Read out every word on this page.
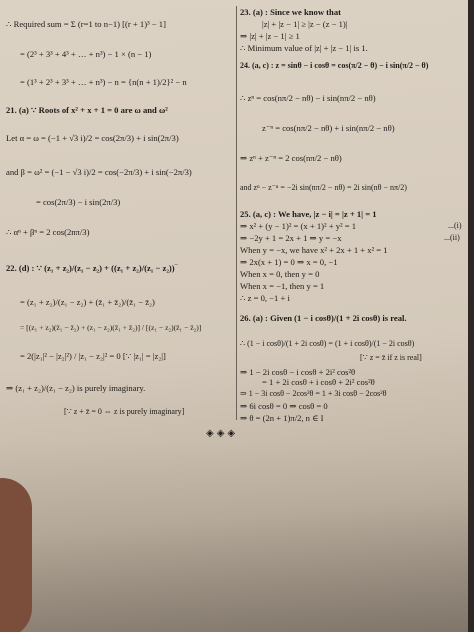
∴ Required sum = Σ (r=1 to n−1) [(r + 1)³ − 1]
= (2³ + 3³ + 4³ + … + n³) − 1 × (n − 1)
= (1³ + 2³ + 3³ + … + n³) − n = {n(n + 1)/2}² − n
21. (a) ∵ Roots of x² + x + 1 = 0 are ω and ω²
Let α = ω = (−1 + √3 i)/2 = cos(2π/3) + i sin(2π/3)
and β = ω² = (−1 − √3 i)/2 = cos(−2π/3) + i sin(−2π/3)
= cos(2π/3) − i sin(2π/3)
∴ αⁿ + βⁿ = 2 cos(2nπ/3)
22. (d) : ∵ (z₁ + z₂)/(z₁ − z₂) + ((z₁ + z₂)/(z₁ − z₂))‾
= (z₁ + z₂)/(z₁ − z₂) + (z̄₁ + z̄₂)/(z̄₁ − z̄₂)
= [(z₁ + z₂)(z̄₁ − z̄₂) + (z₁ − z₂)(z̄₁ + z̄₂)] / [(z₁ − z₂)(z̄₁ − z̄₂)]
= 2(|z₁|² − |z₂|²) / |z₁ − z₂|² = 0 [∵ |z₁| = |z₂|]
⇒ (z₁ + z₂)/(z₁ − z₂) is purely imaginary.
[∵ z + z̄ = 0 ⇔ z is purely imaginary]
23. (a) : Since we know that
|z| + |z − 1| ≥ |z − (z − 1)|
⇒ |z| + |z − 1| ≥ 1
∴ Minimum value of |z| + |z − 1| is 1.
24. (a, c) : z = sinθ − i cosθ = cos(π/2 − θ) − i sin(π/2 − θ)
∴ zⁿ = cos(nπ/2 − nθ) − i sin(nπ/2 − nθ)
z⁻ⁿ = cos(nπ/2 − nθ) + i sin(nπ/2 − nθ)
⇒ zⁿ + z⁻ⁿ = 2 cos(nπ/2 − nθ)
and zⁿ − z⁻ⁿ = −2i sin(nπ/2 − nθ) = 2i sin(nθ − nπ/2)
25. (a, c) : We have, |z − i| = |z + 1| = 1
⇒ x² + (y − 1)² = (x + 1)² + y² = 1	...(i)
⇒ −2y + 1 = 2x + 1 ⇒ y = −x	...(ii)
When y = −x, we have x² + 2x + 1 + x² = 1
⇒ 2x(x + 1) = 0 ⇒ x = 0, −1
When x = 0, then y = 0
When x = −1, then y = 1
∴ z = 0, −1 + i
26. (a) : Given (1 − i cosθ)/(1 + 2i cosθ) is real.
∴ (1 − i cosθ)/(1 + 2i cosθ) = (1 + i cosθ)/(1 − 2i cosθ)
[∵ z = z̄ if z is real]
⇒ 1 − 2i cosθ − i cosθ + 2i² cos²θ
= 1 + 2i cosθ + i cosθ + 2i² cos²θ
⇒ 1 − 3i cosθ − 2cos²θ = 1 + 3i cosθ − 2cos²θ
⇒ 6i cosθ = 0 ⇒ cosθ = 0
⇒ θ = (2n + 1)π/2, n ∈ I
◈◈◈
